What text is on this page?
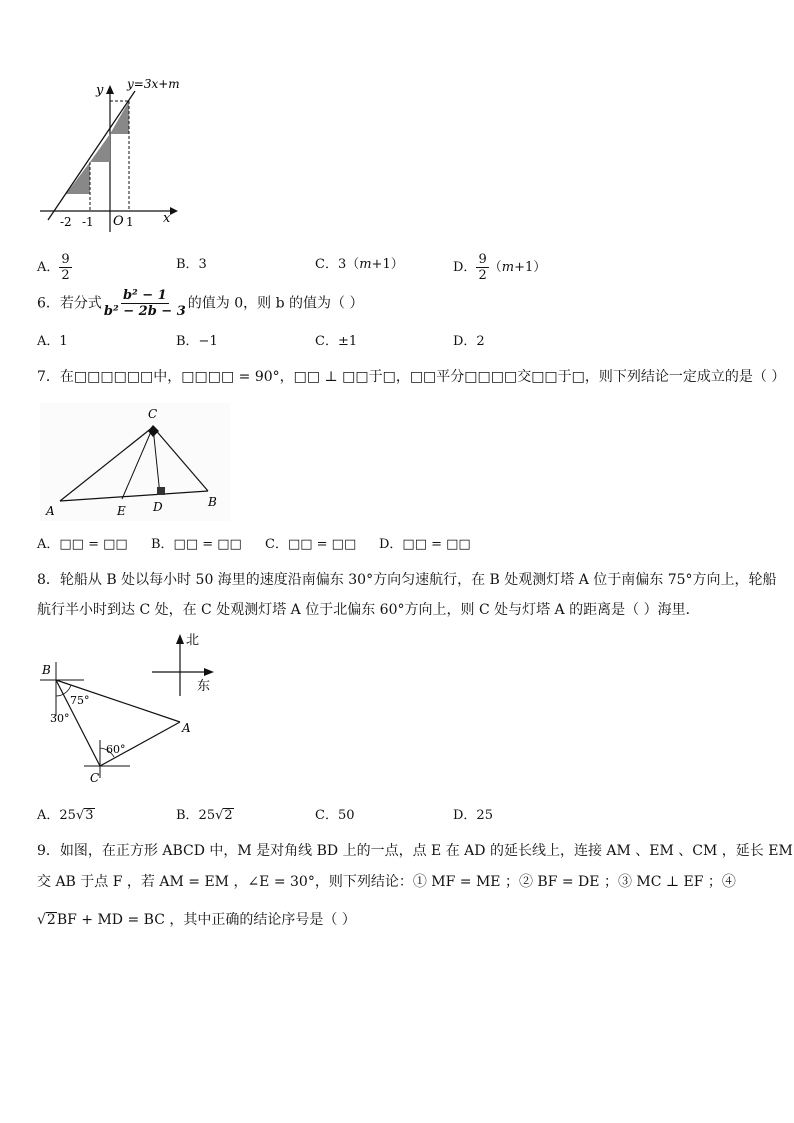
y y=3x+m
x
O
-2 -1	1
A． $\frac{9}{2}$	B．3	C．3（m+1）	D． $\frac{9}{2} (m+1)$
6．若分式 $\frac{\text{b² − 1}}{\text{b² − 2b − 3}}$ 的值为 0，则 b 的值为（ ）
A．1	B．−1	C．±1	D．2
7．在□□□□□□中，□□□□ = 90°，□□ ⊥ □□于□，□□平分□□□□交□□于□，则下列结论一定成立的是（ ）
C
A	E D	B
A．□□ = □□ B．□□ = □□ C．□□ = □□ D．□□ = □□
8．轮船从 B 处以每小时 50 海里的速度沿南偏东 30°方向匀速航行，在 B 处观测灯塔 A 位于南偏东 75°方向上，轮船
航行半小时到达 C 处，在 C 处观测灯塔 A 位于北偏东 60°方向上，则 C 处与灯塔 A 的距离是（ ）海里．
北
东
B
A
C
75°
30°
60°
A．25√3	B．25√2	C．50	D．25
9．如图，在正方形 ABCD 中，M 是对角线 BD 上的一点，点 E 在 AD 的延长线上，连接 AM 、EM 、CM ，延长 EM
交 AB 于点 F ，若 AM = EM ，∠E = 30°，则下列结论：① MF = ME ；② BF = DE ；③ MC ⊥ EF ；④
√2BF + MD = BC ，其中正确的结论序号是（ ）
